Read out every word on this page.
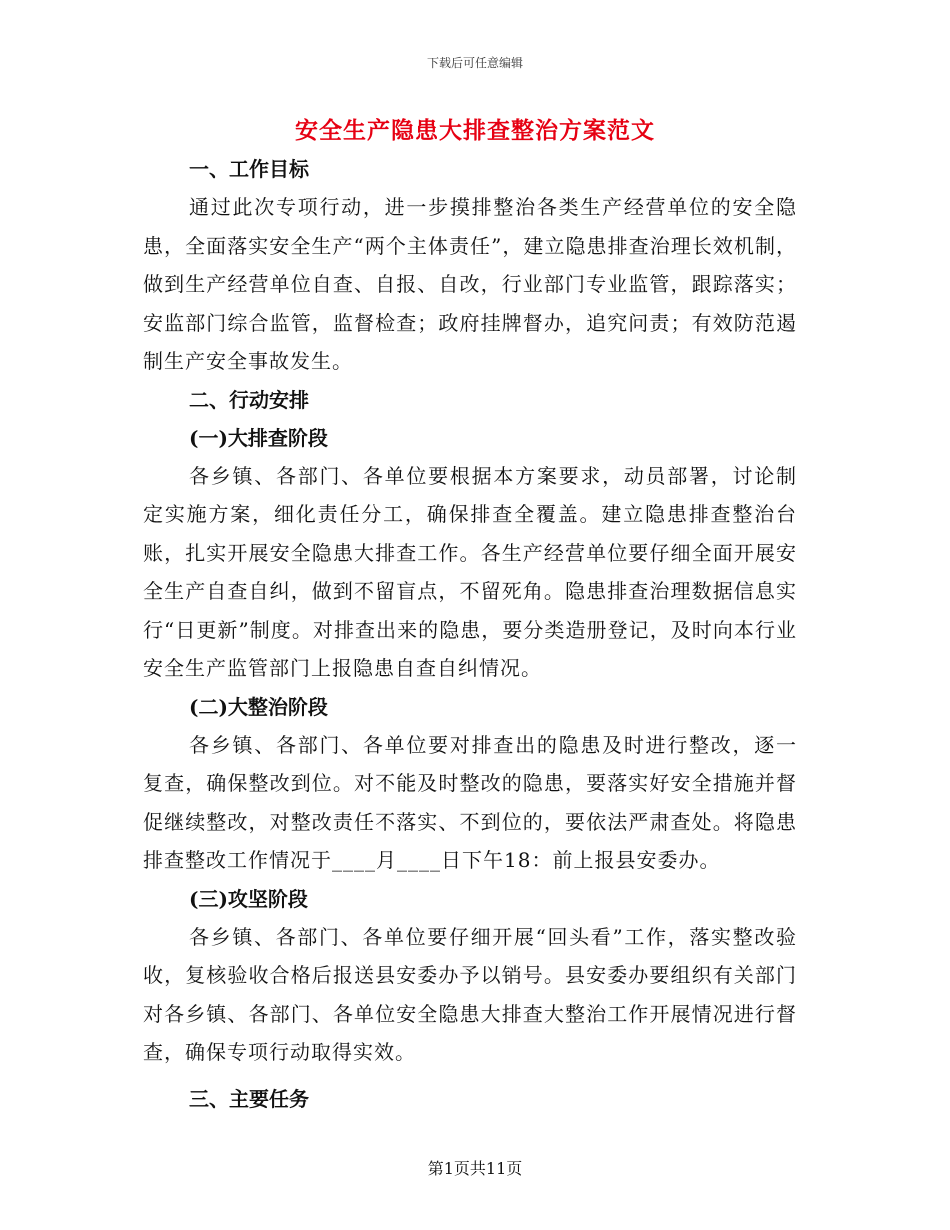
下载后可任意编辑
安全生产隐患大排查整治方案范文

一、工作目标

通过此次专项行动，进一步摸排整治各类生产经营单位的安全隐患，全面落实安全生产“两个主体责任”，建立隐患排查治理长效机制，做到生产经营单位自查、自报、自改，行业部门专业监管，跟踪落实；安监部门综合监管，监督检查；政府挂牌督办，追究问责；有效防范遏制生产安全事故发生。

二、行动安排

(一)大排查阶段

各乡镇、各部门、各单位要根据本方案要求，动员部署，讨论制定实施方案，细化责任分工，确保排查全覆盖。建立隐患排查整治台账，扎实开展安全隐患大排查工作。各生产经营单位要仔细全面开展安全生产自查自纠，做到不留盲点，不留死角。隐患排查治理数据信息实行“日更新”制度。对排查出来的隐患，要分类造册登记，及时向本行业安全生产监管部门上报隐患自查自纠情况。

(二)大整治阶段

各乡镇、各部门、各单位要对排查出的隐患及时进行整改，逐一复查，确保整改到位。对不能及时整改的隐患，要落实好安全措施并督促继续整改，对整改责任不落实、不到位的，要依法严肃查处。将隐患排查整改工作情况于____月____日下午18：前上报县安委办。

(三)攻坚阶段

各乡镇、各部门、各单位要仔细开展“回头看”工作，落实整改验收，复核验收合格后报送县安委办予以销号。县安委办要组织有关部门对各乡镇、各部门、各单位安全隐患大排查大整治工作开展情况进行督查，确保专项行动取得实效。

三、主要任务

第1页共11页
